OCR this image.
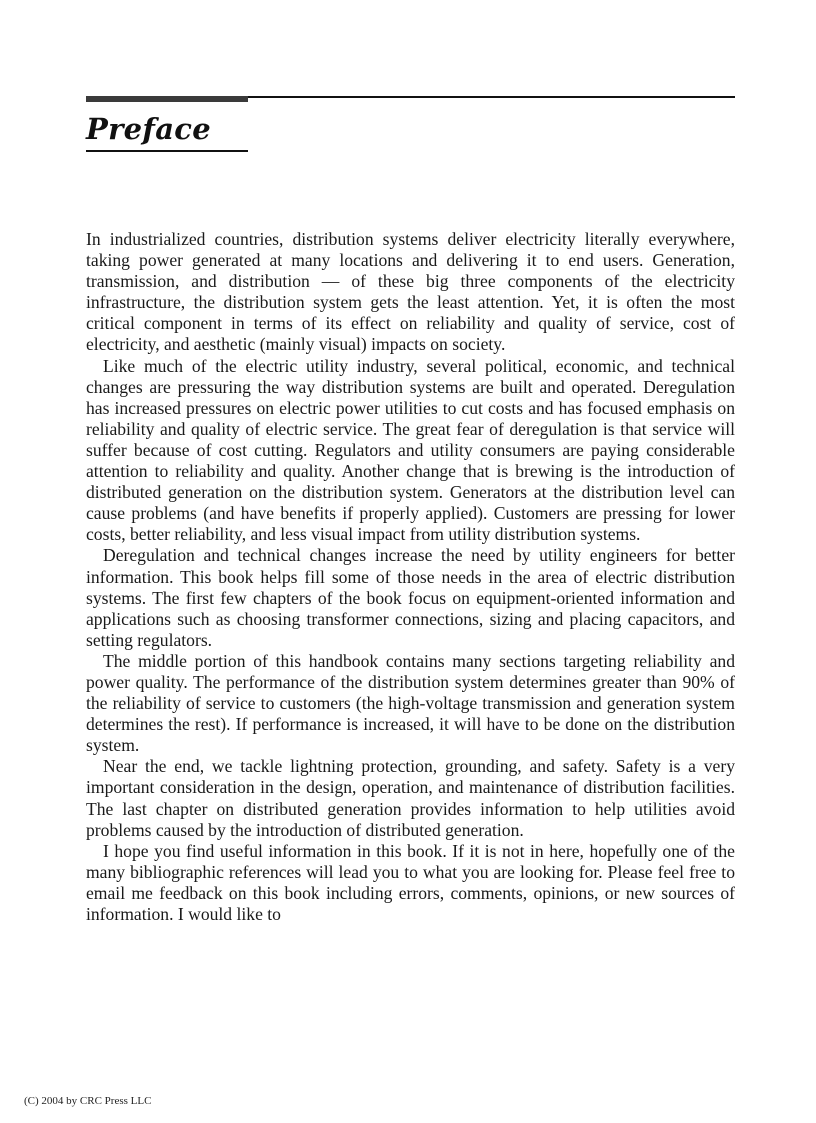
Preface

In industrialized countries, distribution systems deliver electricity literally everywhere, taking power generated at many locations and delivering it to end users. Generation, transmission, and distribution — of these big three components of the electricity infrastructure, the distribution system gets the least attention. Yet, it is often the most critical component in terms of its effect on reliability and quality of service, cost of electricity, and aesthetic (mainly visual) impacts on society.

Like much of the electric utility industry, several political, economic, and technical changes are pressuring the way distribution systems are built and operated. Deregulation has increased pressures on electric power utilities to cut costs and has focused emphasis on reliability and quality of electric service. The great fear of deregulation is that service will suffer because of cost cutting. Regulators and utility consumers are paying considerable attention to reliability and quality. Another change that is brewing is the introduction of distributed generation on the distribution system. Generators at the distribution level can cause problems (and have benefits if properly applied). Customers are pressing for lower costs, better reliability, and less visual impact from utility distribution systems.

Deregulation and technical changes increase the need by utility engineers for better information. This book helps fill some of those needs in the area of electric distribution systems. The first few chapters of the book focus on equipment-oriented information and applications such as choosing transformer connections, sizing and placing capacitors, and setting regulators.

The middle portion of this handbook contains many sections targeting reliability and power quality. The performance of the distribution system determines greater than 90% of the reliability of service to customers (the high-voltage transmission and generation system determines the rest). If performance is increased, it will have to be done on the distribution system.

Near the end, we tackle lightning protection, grounding, and safety. Safety is a very important consideration in the design, operation, and maintenance of distribution facilities. The last chapter on distributed generation provides information to help utilities avoid problems caused by the introduction of distributed generation.

I hope you find useful information in this book. If it is not in here, hopefully one of the many bibliographic references will lead you to what you are looking for. Please feel free to email me feedback on this book including errors, comments, opinions, or new sources of information. I would like to

(C) 2004 by CRC Press LLC
